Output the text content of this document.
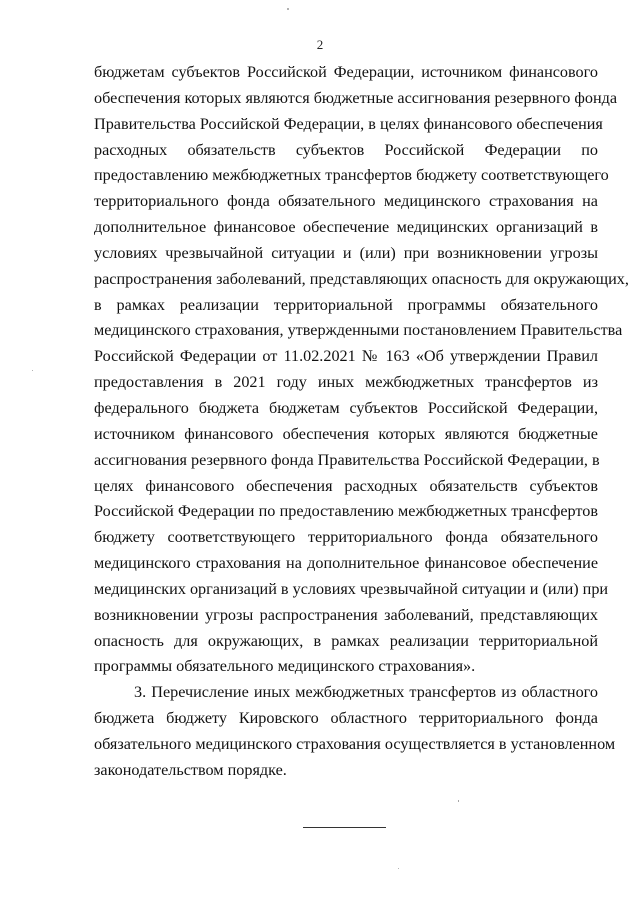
2
бюджетам субъектов Российской Федерации, источником финансового
обеспечения которых являются бюджетные ассигнования резервного фонда
Правительства Российской Федерации, в целях финансового обеспечения
расходных обязательств субъектов Российской Федерации по
предоставлению межбюджетных трансфертов бюджету соответствующего
территориального фонда обязательного медицинского страхования на
дополнительное финансовое обеспечение медицинских организаций в
условиях чрезвычайной ситуации и (или) при возникновении угрозы
распространения заболеваний, представляющих опасность для окружающих,
в рамках реализации территориальной программы обязательного
медицинского страхования, утвержденными постановлением Правительства
Российской Федерации от 11.02.2021 № 163 «Об утверждении Правил
предоставления в 2021 году иных межбюджетных трансфертов из
федерального бюджета бюджетам субъектов Российской Федерации,
источником финансового обеспечения которых являются бюджетные
ассигнования резервного фонда Правительства Российской Федерации, в
целях финансового обеспечения расходных обязательств субъектов
Российской Федерации по предоставлению межбюджетных трансфертов
бюджету соответствующего территориального фонда обязательного
медицинского страхования на дополнительное финансовое обеспечение
медицинских организаций в условиях чрезвычайной ситуации и (или) при
возникновении угрозы распространения заболеваний, представляющих
опасность для окружающих, в рамках реализации территориальной
программы обязательного медицинского страхования».
3. Перечисление иных межбюджетных трансфертов из областного
бюджета бюджету Кировского областного территориального фонда
обязательного медицинского страхования осуществляется в установленном
законодательством порядке.
